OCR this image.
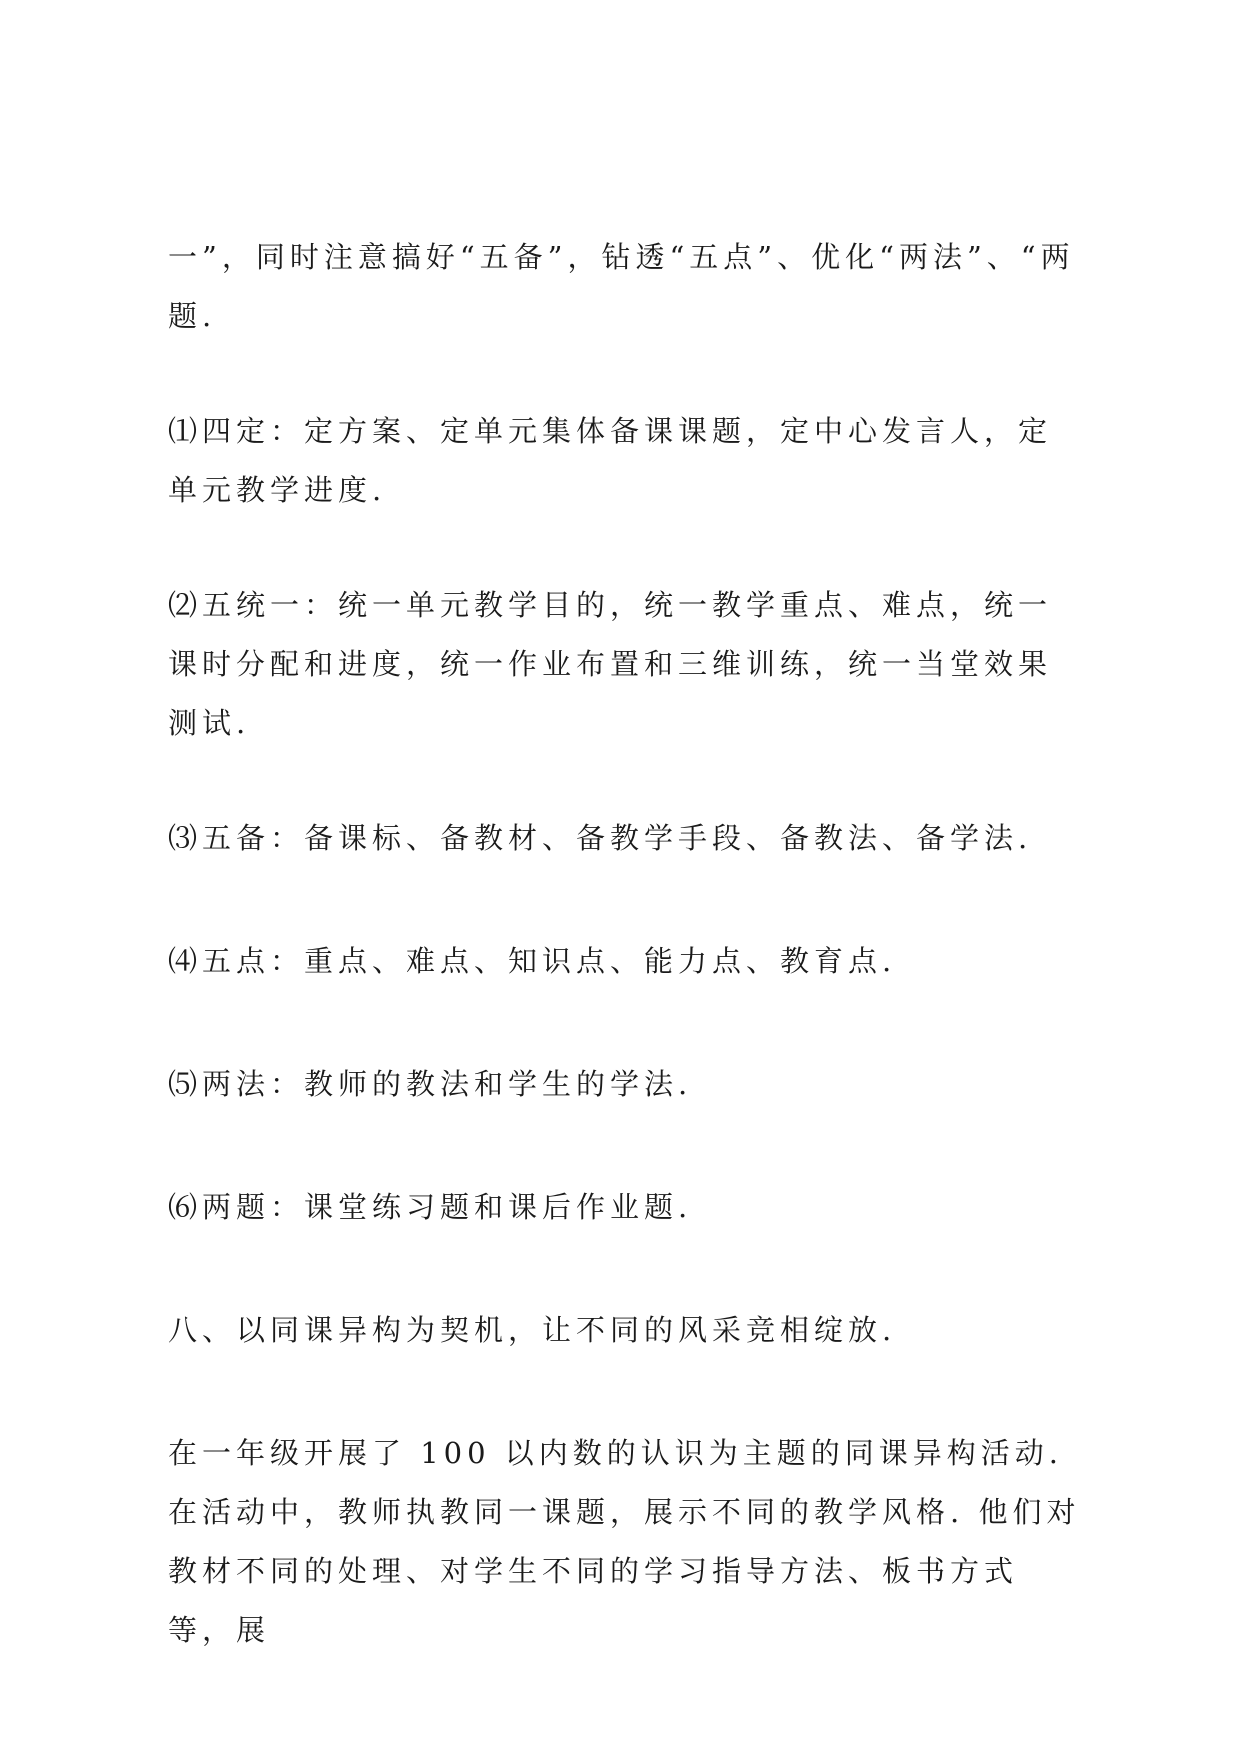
一”，同时注意搞好“五备”，钻透“五点”、优化“两法”、“两题.

⑴四定：定方案、定单元集体备课课题，定中心发言人，定单元教学进度.

⑵五统一：统一单元教学目的，统一教学重点、难点，统一课时分配和进度，统一作业布置和三维训练，统一当堂效果测试.

⑶五备：备课标、备教材、备教学手段、备教法、备学法.

⑷五点：重点、难点、知识点、能力点、教育点.

⑸两法：教师的教法和学生的学法.

⑹两题：课堂练习题和课后作业题.

八、以同课异构为契机，让不同的风采竞相绽放.

在一年级开展了 100 以内数的认识为主题的同课异构活动. 在活动中，教师执教同一课题，展示不同的教学风格. 他们对教材不同的处理、对学生不同的学习指导方法、板书方式等，展
